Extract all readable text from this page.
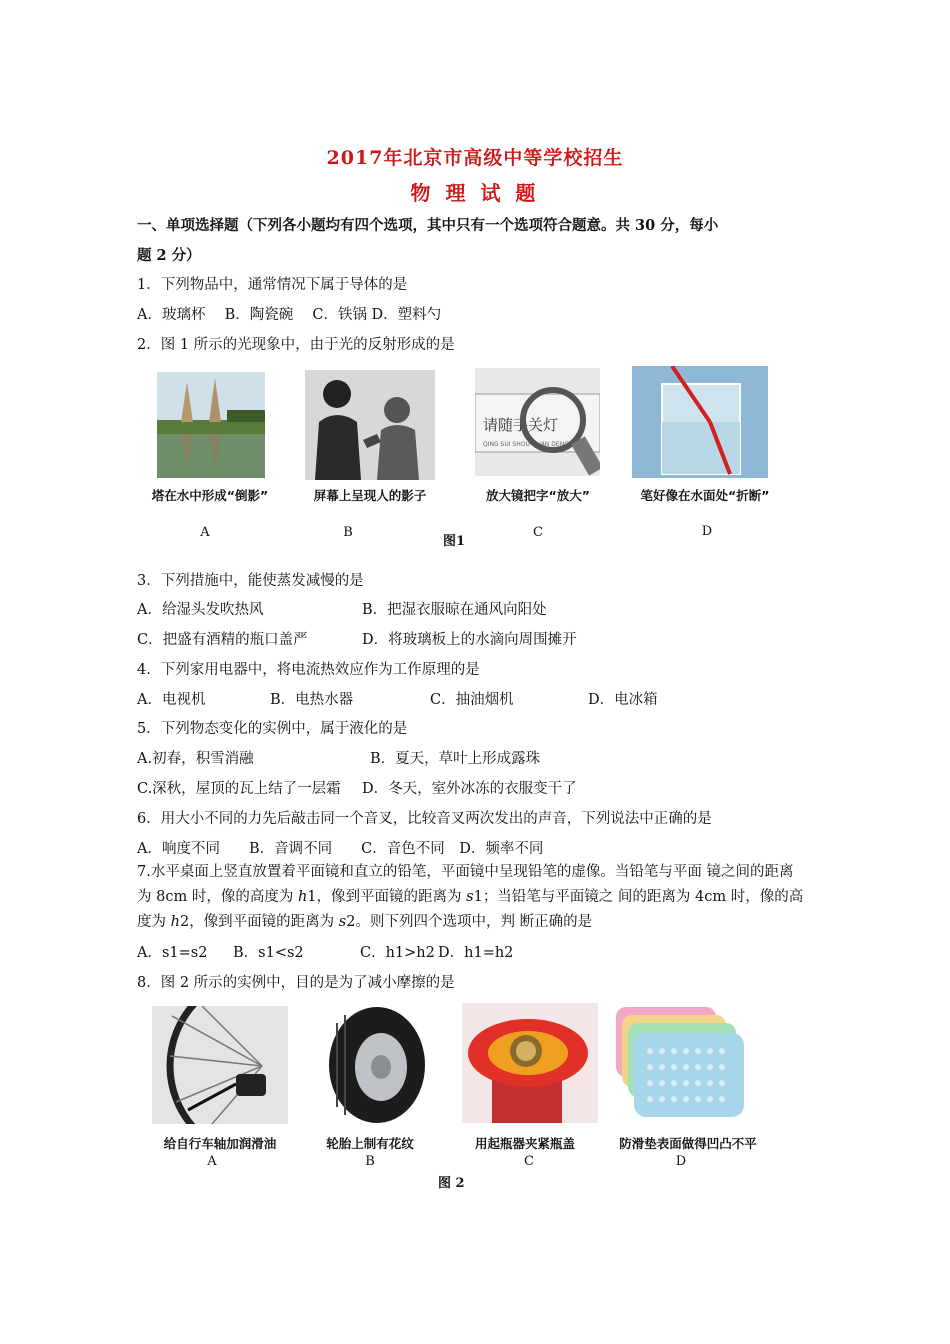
2017年北京市高级中等学校招生
物 理 试 题
一、单项选择题（下列各小题均有四个选项，其中只有一个选项符合题意。共 30 分，每小
题 2 分）
1．下列物品中，通常情况下属于导体的是
A．玻璃杯　 B．陶瓷碗　 C．铁锅 D．塑料勺
2．图 1 所示的光现象中，由于光的反射形成的是
请随手关灯
QING SUI SHOU GUAN DENG
塔在水中形成“倒影”	屏幕上呈现人的影子	放大镜把字“放大”	笔好像在水面处“折断”
A	B
图1
C	D
3．下列措施中，能使蒸发减慢的是
A．给湿头发吹热风	B．把湿衣服晾在通风向阳处
C．把盛有酒精的瓶口盖严	D．将玻璃板上的水滴向周围摊开
4．下列家用电器中，将电流热效应作为工作原理的是
A．电视机	B．电热水器	C．抽油烟机	D．电冰箱
5．下列物态变化的实例中，属于液化的是
A.初春，积雪消融	B．夏天，草叶上形成露珠
C.深秋，屋顶的瓦上结了一层霜 D．冬天，室外冰冻的衣服变干了
6．用大小不同的力先后敲击同一个音叉，比较音叉两次发出的声音，下列说法中正确的是
A．响度不同　　B．音调不同　　C．音色不同　D．频率不同
7.水平桌面上竖直放置着平面镜和直立的铅笔，平面镜中呈现铅笔的虚像。当铅笔与平面 镜之间的距离为 8cm 时，像的高度为 h1，像到平面镜的距离为 s1；当铅笔与平面镜之 间的距离为 4cm 时，像的高度为 h2，像到平面镜的距离为 s2。则下列四个选项中，判 断正确的是
A．s1=s2 B．s1<s2	C．h1>h2 D．h1=h2
8．图 2 所示的实例中，目的是为了减小摩擦的是
给自行车轴加润滑油	轮胎上制有花纹	用起瓶器夹紧瓶盖	防滑垫表面做得凹凸不平
A	B	C	D
图 2
